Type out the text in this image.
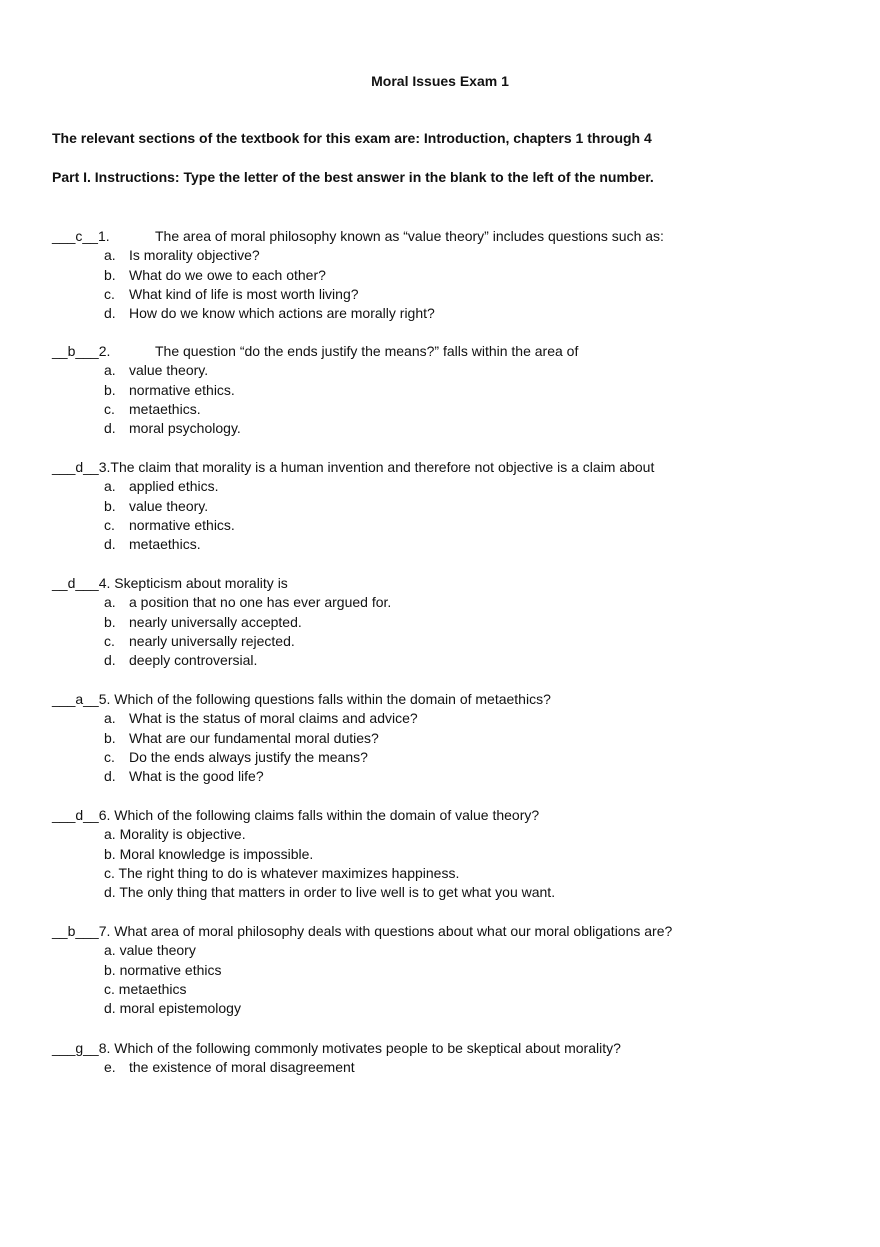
Moral Issues Exam 1
The relevant sections of the textbook for this exam are: Introduction, chapters 1 through 4
Part I. Instructions: Type the letter of the best answer in the blank to the left of the number.
___c__1.	The area of moral philosophy known as “value theory” includes questions such as:
a. Is morality objective?
b. What do we owe to each other?
c. What kind of life is most worth living?
d. How do we know which actions are morally right?
__b___2.	The question “do the ends justify the means?” falls within the area of
a. value theory.
b. normative ethics.
c. metaethics.
d. moral psychology.
___d__3.The claim that morality is a human invention and therefore not objective is a claim about
a. applied ethics.
b. value theory.
c. normative ethics.
d. metaethics.
__d___4. Skepticism about morality is
a. a position that no one has ever argued for.
b. nearly universally accepted.
c. nearly universally rejected.
d. deeply controversial.
___a__5. Which of the following questions falls within the domain of metaethics?
a. What is the status of moral claims and advice?
b. What are our fundamental moral duties?
c. Do the ends always justify the means?
d. What is the good life?
___d__6. Which of the following claims falls within the domain of value theory?
a. Morality is objective.
b. Moral knowledge is impossible.
c. The right thing to do is whatever maximizes happiness.
d. The only thing that matters in order to live well is to get what you want.
__b___7. What area of moral philosophy deals with questions about what our moral obligations are?
a. value theory
b. normative ethics
c. metaethics
d. moral epistemology
___g__8. Which of the following commonly motivates people to be skeptical about morality?
e. the existence of moral disagreement
